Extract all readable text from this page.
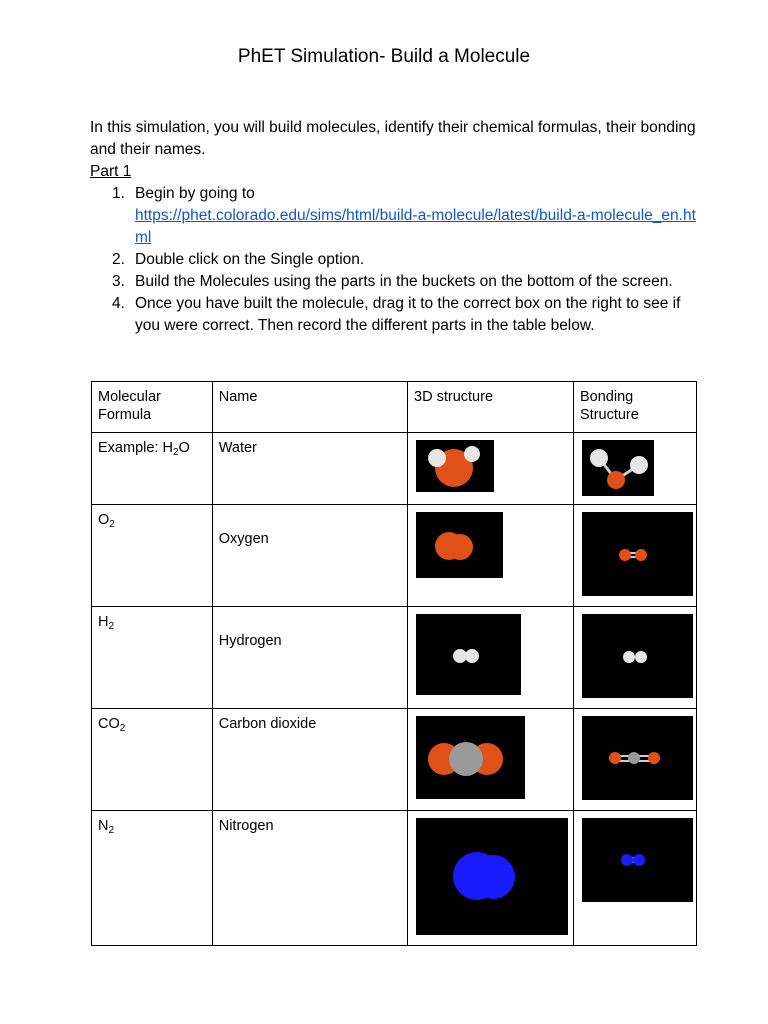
PhET Simulation- Build a Molecule
In this simulation, you will build molecules, identify their chemical formulas, their bonding and their names.
Part 1
1. Begin by going to
https://phet.colorado.edu/sims/html/build-a-molecule/latest/build-a-molecule_en.html
2. Double click on the Single option.
3. Build the Molecules using the parts in the buckets on the bottom of the screen.
4. Once you have built the molecule, drag it to the correct box on the right to see if you were correct. Then record the different parts in the table below.
Molecular Formula	Name	3D structure	Bonding Structure
Example: $H_2O$	Water	

$O_2$	Oxygen

$H_2$	Hydrogen

$CO_2$	Carbon dioxide	

$N_2$	Nitrogen	
